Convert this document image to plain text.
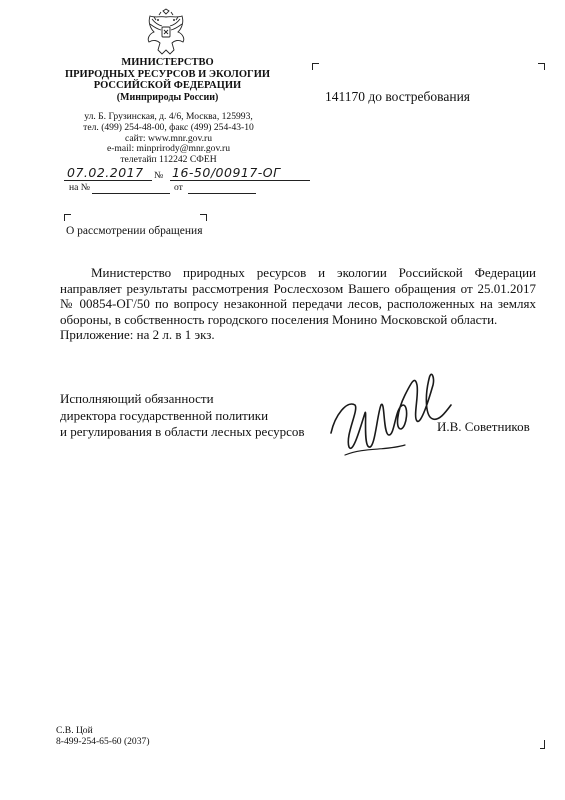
МИНИСТЕРСТВО
ПРИРОДНЫХ РЕСУРСОВ И ЭКОЛОГИИ
РОССИЙСКОЙ ФЕДЕРАЦИИ
(Минприроды России)
ул. Б. Грузинская, д. 4/6, Москва, 125993,
тел. (499) 254-48-00, факс (499) 254-43-10
сайт: www.mnr.gov.ru
e-mail: minprirody@mnr.gov.ru
телетайп 112242 СФЕН
141170 до востребования
07.02.2017 № 16-50/00917-ОГ
на №	от
О рассмотрении обращения

Министерство природных ресурсов и экологии Российской Федерации направляет результаты рассмотрения Рослесхозом Вашего обращения от 25.01.2017 № 00854-ОГ/50 по вопросу незаконной передачи лесов, расположенных на землях обороны, в собственность городского поселения Монино Московской области.

Приложение: на 2 л. в 1 экз.
Исполняющий обязанности
директора государственной политики
и регулирования в области лесных ресурсов	И.В. Советников
С.В. Цой
8-499-254-65-60 (2037)
